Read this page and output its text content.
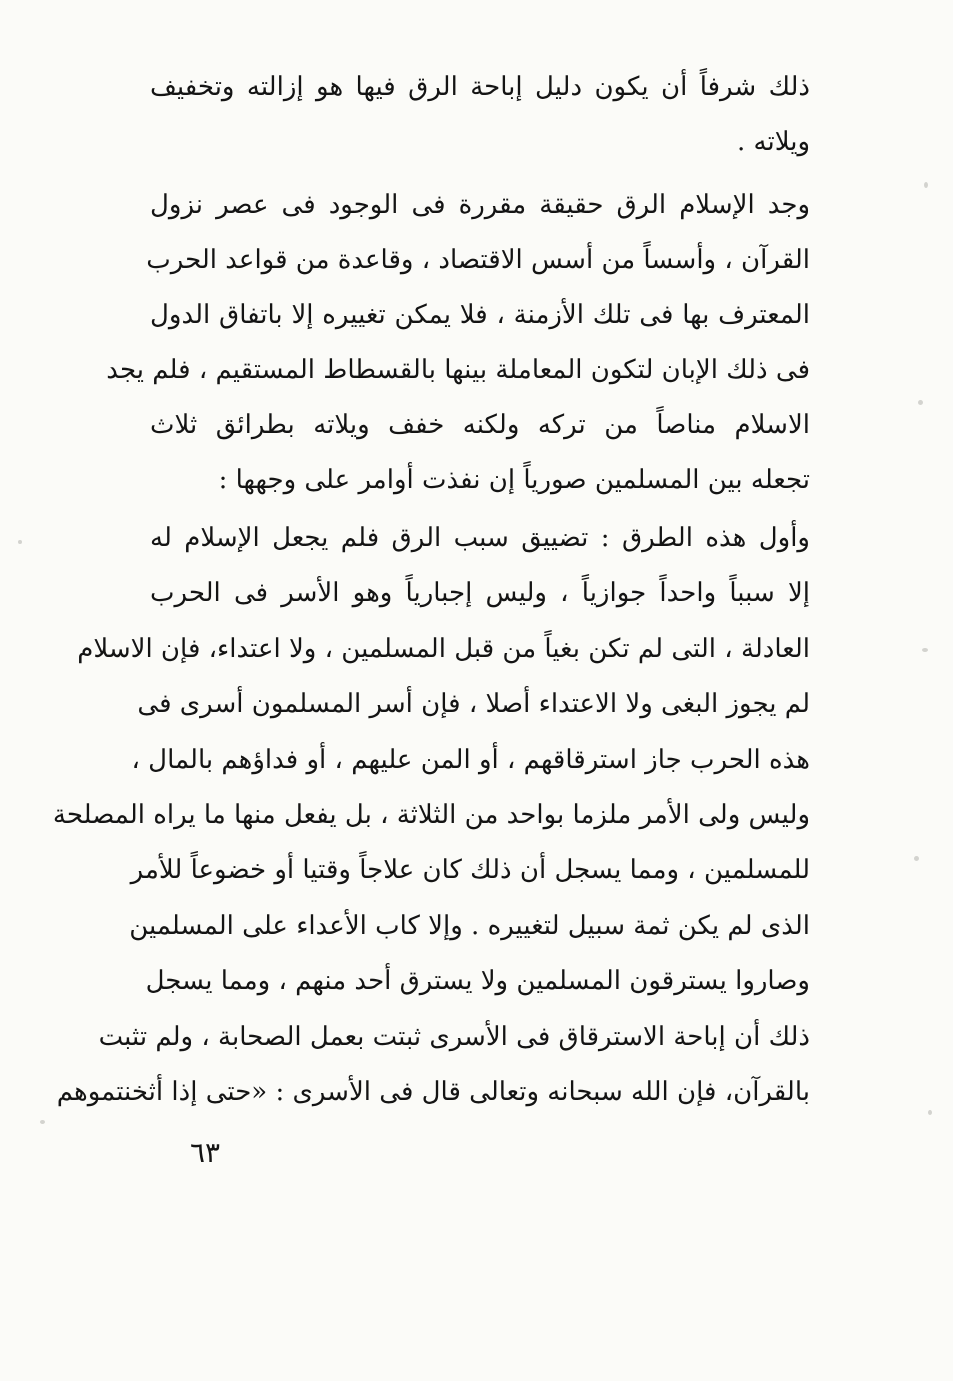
ذلك شرفاً أن يكون دليل إباحة الرق فيها هو إزالته وتخفيف
ويلاته .
وجد الإسلام الرق حقيقة مقررة فى الوجود فى عصر نزول
القرآن ، وأسساً من أسس الاقتصاد ، وقاعدة من قواعد الحرب
المعترف بها فى تلك الأزمنة ، فلا يمكن تغييره إلا باتفاق الدول
فى ذلك الإبان لتكون المعاملة بينها بالقسطاط المستقيم ، فلم يجد
الاسلام مناصاً من تركه ولكنه خفف ويلاته بطرائق ثلاث
تجعله بين المسلمين صورياً إن نفذت أوامر على وجهها :
وأول هذه الطرق : تضييق سبب الرق فلم يجعل الإسلام له
إلا سبباً واحداً جوازياً ، وليس إجبارياً وهو الأسر فى الحرب
العادلة ، التى لم تكن بغياً من قبل المسلمين ، ولا اعتداء، فإن الاسلام
لم يجوز البغى ولا الاعتداء أصلا ، فإن أسر المسلمون أسرى فى
هذه الحرب جاز استرقاقهم ، أو المن عليهم ، أو فداؤهم بالمال ،
وليس ولى الأمر ملزما بواحد من الثلاثة ، بل يفعل منها ما يراه المصلحة
للمسلمين ، ومما يسجل أن ذلك كان علاجاً وقتيا أو خضوعاً للأمر
الذى لم يكن ثمة سبيل لتغييره . وإلا كاب الأعداء على المسلمين
وصاروا يسترقون المسلمين ولا يسترق أحد منهم ، ومما يسجل
ذلك أن إباحة الاسترقاق فى الأسرى ثبتت بعمل الصحابة ، ولم تثبت
بالقرآن، فإن الله سبحانه وتعالى قال فى الأسرى : «حتى إذا أثخنتموهم
٦٣
